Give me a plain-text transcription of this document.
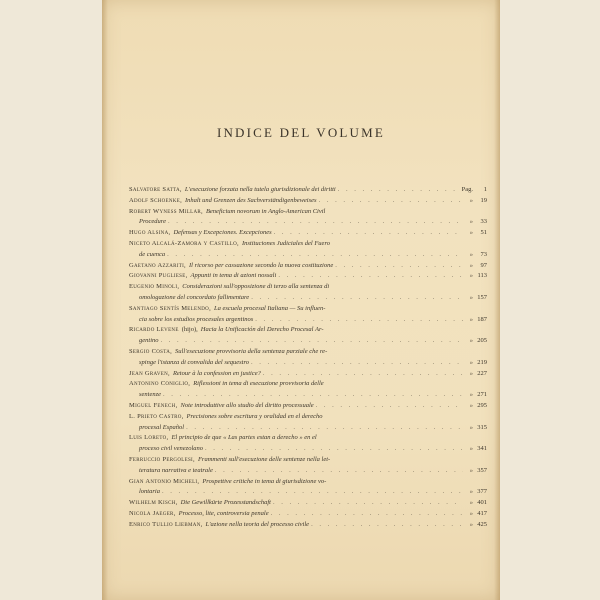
INDICE DEL VOLUME
Salvatore Satta, L'esecuzione forzata nella tutela giurisdizionale dei diritti . . .	Pag.	1
Adolf Schoenke, Inhalt und Grenzen des Sachverständigenbeweises . . .	»	19
Robert Wyness Millar, Beneficium novorum in Anglo-American Civil
Procedure . . .	»	33
Hugo Alsina, Defensas y Excepciones. Excepciones . . .	»	51
Niceto Alcalá-Zamora y Castillo, Instituciones Judiciales del Fuero
de cuenca . . .	»	73
Gaetano Azzariti, Il ricorso per cassazione secondo la nuova costituzione . . .	»	97
Giovanni Pugliese, Appunti in tema di azioni nossali . . .	» 113
Eugenio Minoli, Considerazioni sull'opposizione di terzo alla sentenza di
omologazione del concordato fallimentare . . .	» 157
Santiago Sentís Melendo, La escuela procesal Italiana — Su influen-
cia sobre los estudios procesales argentinos . . .	» 187
Ricardo Levene (hijo), Hacia la Unificación del Derecho Procesal Ar-
gentino . . .	» 205
Sergio Costa, Sull'esecuzione provvisoria della sentenza parziale che re-
spinge l'istanza di convalida del sequestro . . .	» 219
Jean Graven, Retour à la confession en justice? . . .	» 227
Antonino Coniglio, Riflessioni in tema di esecuzione provvisoria delle
sentenze . . .	» 271
Miguel Fenech, Note introduttive allo studio del diritto processuale . . .	» 295
L. Prieto Castro, Precisiones sobre escritura y oralidad en el derecho
procesal Español . . .	» 315
Luis Loreto, El principio de que « Las partes estan a derecho » en el
proceso civil venezolano . . .	» 341
Ferruccio Pergolesi, Frammenti sull'esecuzione delle sentenze nella let-
teratura narrativa e teatrale . . .	» 357
Gian Antonio Micheli, Prospettive critiche in tema di giurisdizione vo-
lontaria . . .	» 377
Wilhelm Kisch, Die Gewillkürte Prozesstandschaft . . .	» 401
Nicola Jaeger, Processo, lite, controversia penale . . .	» 417
Enrico Tullio Liebman, L'azione nella teoria del processo civile . . .	» 425
